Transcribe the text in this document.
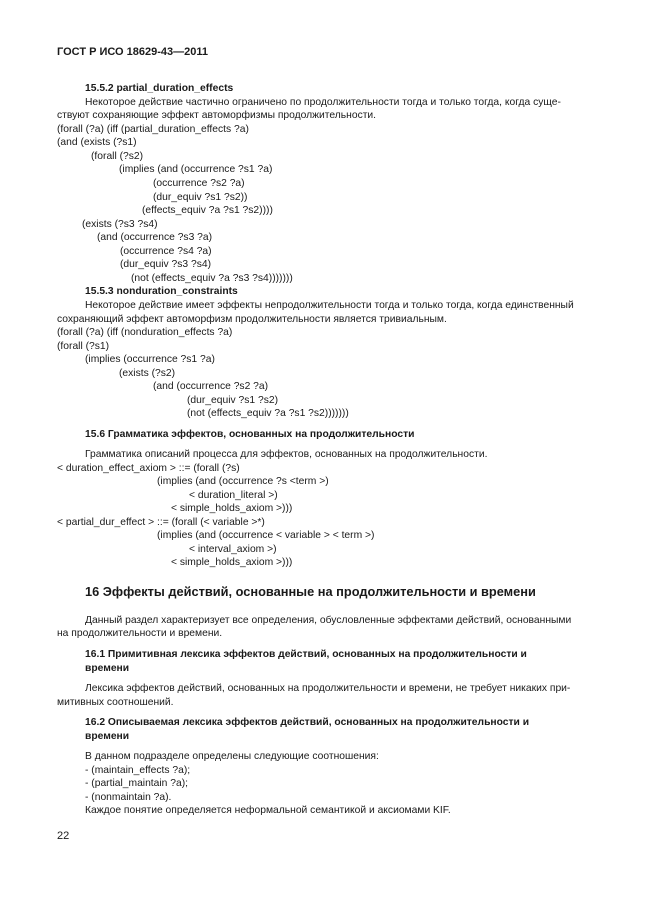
ГОСТ Р ИСО 18629-43—2011
15.5.2 partial_duration_effects
Некоторое действие частично ограничено по продолжительности тогда и только тогда, когда суще-
ствуют сохраняющие эффект автоморфизмы продолжительности.
(forall (?a) (iff (partial_duration_effects ?a)
(and (exists (?s1)
(forall (?s2)
(implies (and (occurrence ?s1 ?a)
(occurrence ?s2 ?a)
(dur_equiv ?s1 ?s2))
(effects_equiv ?a ?s1 ?s2))))
(exists (?s3 ?s4)
(and (occurrence ?s3 ?a)
(occurrence ?s4 ?a)
(dur_equiv ?s3 ?s4)
(not (effects_equiv ?a ?s3 ?s4)))))))
15.5.3 nonduration_constraints
Некоторое действие имеет эффекты непродолжительности тогда и только тогда, когда единственный
сохраняющий эффект автоморфизм продолжительности является тривиальным.
(forall (?a) (iff (nonduration_effects ?a)
(forall (?s1)
(implies (occurrence ?s1 ?a)
(exists (?s2)
(and (occurrence ?s2 ?a)
(dur_equiv ?s1 ?s2)
(not (effects_equiv ?a ?s1 ?s2)))))))
15.6 Грамматика эффектов, основанных на продолжительности
Грамматика описаний процесса для эффектов, основанных на продолжительности.
< duration_effect_axiom > ::= (forall (?s)
(implies (and (occurrence ?s <term >)
< duration_literal >)
< simple_holds_axiom >)))
< partial_dur_effect > ::= (forall (< variable >*)
(implies (and (occurrence < variable > < term >)
< interval_axiom >)
< simple_holds_axiom >)))
16 Эффекты действий, основанные на продолжительности и времени
Данный раздел характеризует все определения, обусловленные эффектами действий, основанными
на продолжительности и времени.
16.1 Примитивная лексика эффектов действий, основанных на продолжительности и
времени
Лексика эффектов действий, основанных на продолжительности и времени, не требует никаких при-
митивных соотношений.
16.2 Описываемая лексика эффектов действий, основанных на продолжительности и
времени
В данном подразделе определены следующие соотношения:
- (maintain_effects ?a);
- (partial_maintain ?a);
- (nonmaintain ?a).
Каждое понятие определяется неформальной семантикой и аксиомами KIF.
22
